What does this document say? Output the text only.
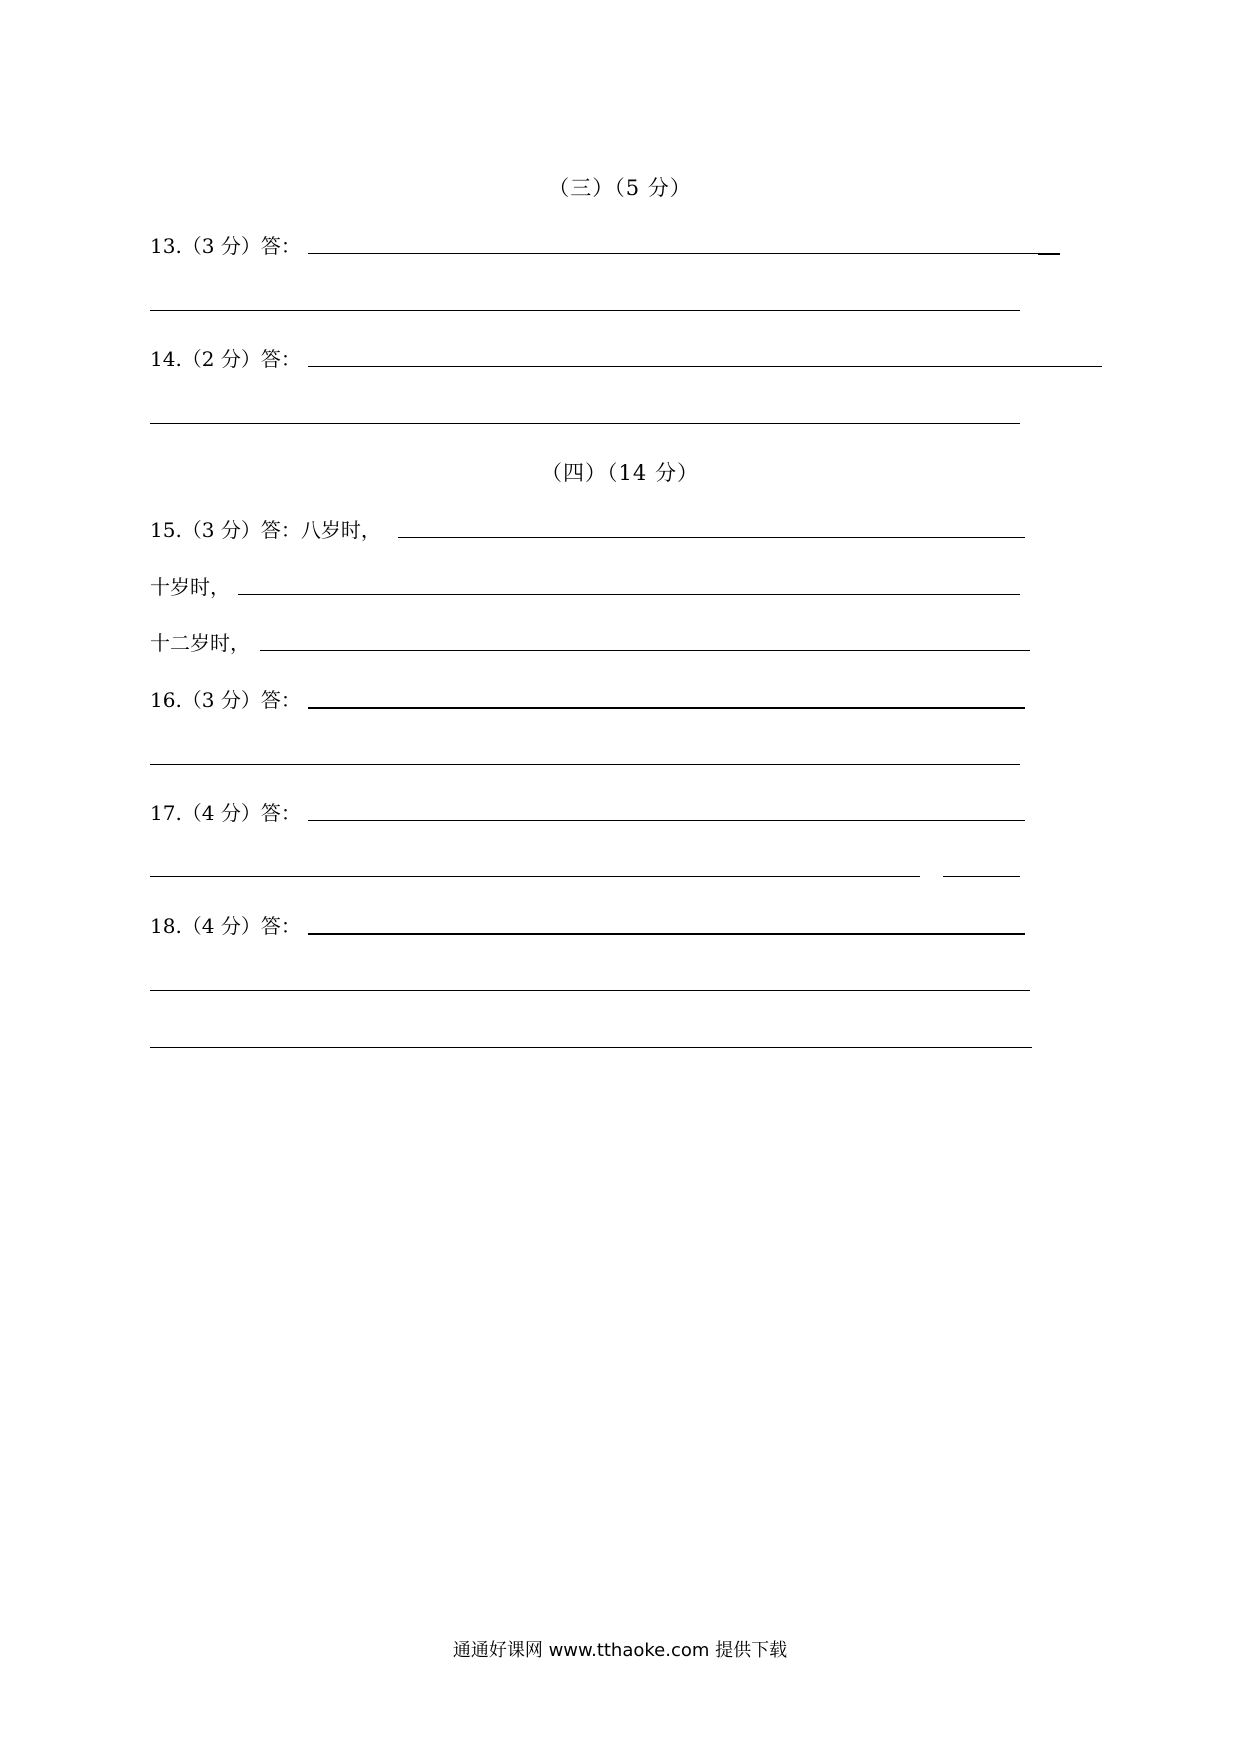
（三）（5 分）
13.（3 分）答：
14.（2 分）答：
（四）（14 分）
15.（3 分）答：八岁时，
十岁时，
十二岁时，
16.（3 分）答：
17.（4 分）答：
18.（4 分）答：
通通好课网 www.tthaoke.com 提供下载
